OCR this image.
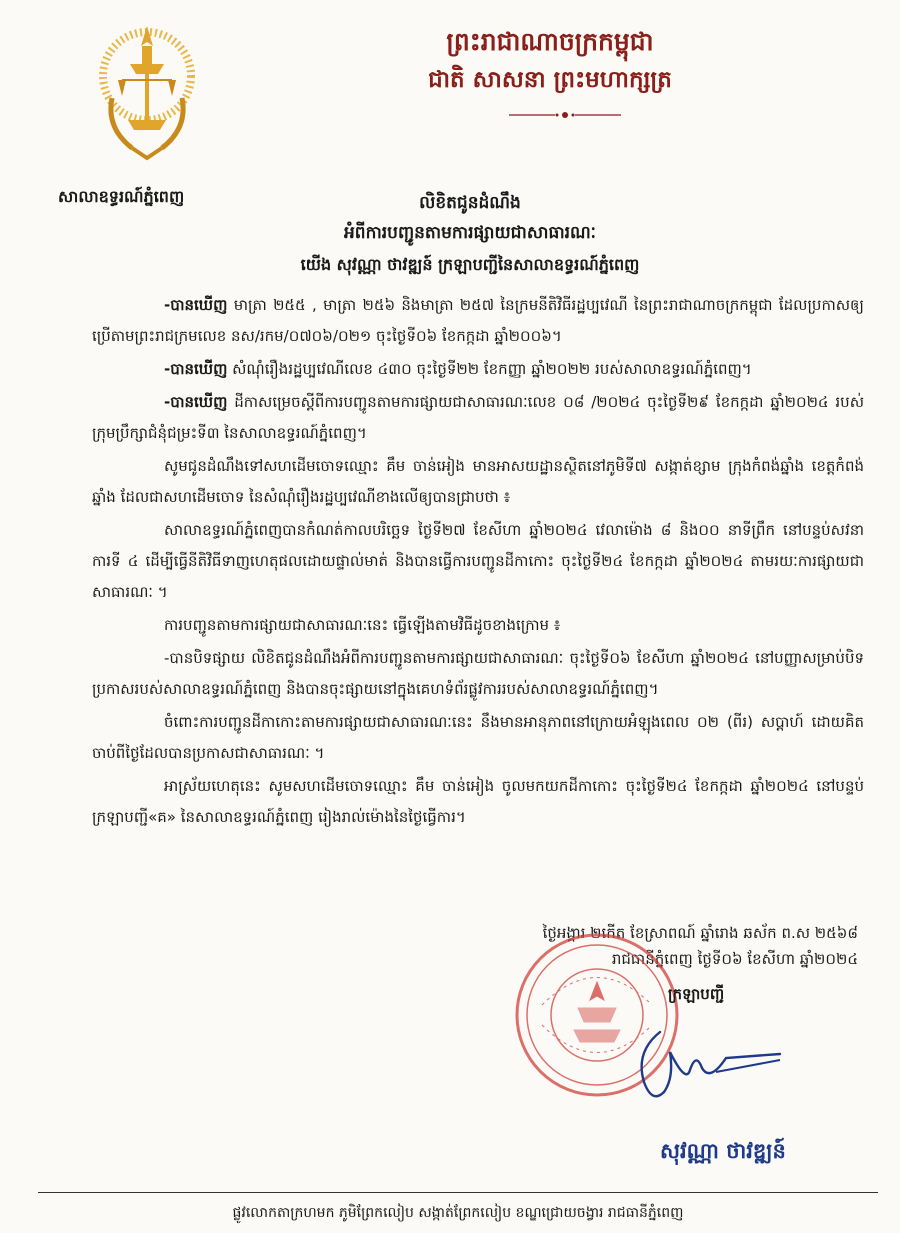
ព្រះរាជាណាចក្រកម្ពុជា
ជាតិ សាសនា ព្រះមហាក្សត្រ
សាលាឧទ្ធរណ៍ភ្នំពេញ	លិខិតជូនដំណឹង
អំពីការបញ្ជូនតាមការផ្សាយជាសាធារណៈ
យើង សុវណ្ណា ថាវឌ្ឍន៍ ក្រឡាបញ្ជីនៃសាលាឧទ្ធរណ៍ភ្នំពេញ

-បានឃើញ មាត្រា ២៥៥ , មាត្រា ២៥៦ និងមាត្រា ២៥៧ នៃក្រមនីតិវិធីរដ្ឋប្បវេណី នៃព្រះរាជាណាចក្រកម្ពុជា ដែលប្រកាសឲ្យប្រើតាមព្រះរាជក្រមលេខ នស/រកម/០៧០៦/០២១ ចុះថ្ងៃទី០៦ ខែកក្កដា ឆ្នាំ២០០៦។

-បានឃើញ សំណុំរឿងរដ្ឋប្បវេណីលេខ ៤៣០ ចុះថ្ងៃទី២២ ខែកញ្ញា ឆ្នាំ២០២២ របស់សាលាឧទ្ធរណ៍ភ្នំពេញ។

-បានឃើញ ដីកាសម្រេចស្តីពីការបញ្ជូនតាមការផ្សាយជាសាធារណៈលេខ ០៨ /២០២៤ ចុះថ្ងៃទី២៩ ខែកក្កដា ឆ្នាំ២០២៤ របស់ក្រុមប្រឹក្សាជំនុំជម្រះទី៣ នៃសាលាឧទ្ធរណ៍ភ្នំពេញ។

សូមជូនដំណឹងទៅសហដើមចោទឈ្មោះ គឹម ចាន់អៀង មានអាសយដ្ឋានស្ថិតនៅភូមិទី៧ សង្កាត់ខ្សាម ក្រុងកំពង់ឆ្នាំង ខេត្តកំពង់ឆ្នាំង ដែលជាសហដើមចោទ នៃសំណុំរឿងរដ្ឋប្បវេណីខាងលើឲ្យបានជ្រាបថា ៖

សាលាឧទ្ធរណ៍ភ្នំពេញបានកំណត់កាលបរិច្ឆេទ ថ្ងៃទី២៧ ខែសីហា ឆ្នាំ២០២៤ វេលាម៉ោង ៨ និង០០ នាទីព្រឹក នៅបន្ទប់សវនាការទី ៤ ដើម្បីធ្វើនីតិវិធីទាញហេតុផលដោយផ្ទាល់មាត់ និងបានធ្វើការបញ្ជូនដីកាកោះ ចុះថ្ងៃទី២៤ ខែកក្កដា ឆ្នាំ២០២៤ តាមរយៈការផ្សាយជាសាធារណៈ ។

ការបញ្ជូនតាមការផ្សាយជាសាធារណៈនេះ ធ្វើឡើងតាមវិធីដូចខាងក្រោម ៖

-បានបិទផ្សាយ លិខិតជូនដំណឹងអំពីការបញ្ជូនតាមការផ្សាយជាសាធារណៈ ចុះថ្ងៃទី០៦ ខែសីហា ឆ្នាំ២០២៤ នៅបញ្ញាសម្រាប់បិទប្រកាសរបស់សាលាឧទ្ធរណ៍ភ្នំពេញ និងបានចុះផ្សាយនៅក្នុងគេហទំព័រផ្លូវការរបស់សាលាឧទ្ធរណ៍ភ្នំពេញ។

ចំពោះការបញ្ជូនដីកាកោះតាមការផ្សាយជាសាធារណៈនេះ នឹងមានអានុភាពនៅក្រោយអំឡុងពេល ០២ (ពីរ) សប្តាហ៍ ដោយគិតចាប់ពីថ្ងៃដែលបានប្រកាសជាសាធារណៈ ។

អាស្រ័យហេតុនេះ សូមសហដើមចោទឈ្មោះ គឹម ចាន់អៀង ចូលមកយកដីកាកោះ ចុះថ្ងៃទី២៤ ខែកក្កដា ឆ្នាំ២០២៤ នៅបន្ទប់ក្រឡាបញ្ជី«គ» នៃសាលាឧទ្ធរណ៍ភ្នំពេញ រៀងរាល់ម៉ោងនៃថ្ងៃធ្វើការ។

ថ្ងៃអង្គារ ២កើត ខែស្រាពណ៍ ឆ្នាំរោង ឆស័ក ព.ស ២៥៦៨
រាជធានីភ្នំពេញ ថ្ងៃទី០៦ ខែសីហា ឆ្នាំ២០២៤
ក្រឡាបញ្ជី
សុវណ្ណា ថាវឌ្ឍន៍
ផ្លូវលោកតាក្រហមក ភូមិព្រែកលៀប សង្កាត់ព្រែកលៀប ខណ្ឌជ្រោយចង្វារ រាជធានីភ្នំពេញ
